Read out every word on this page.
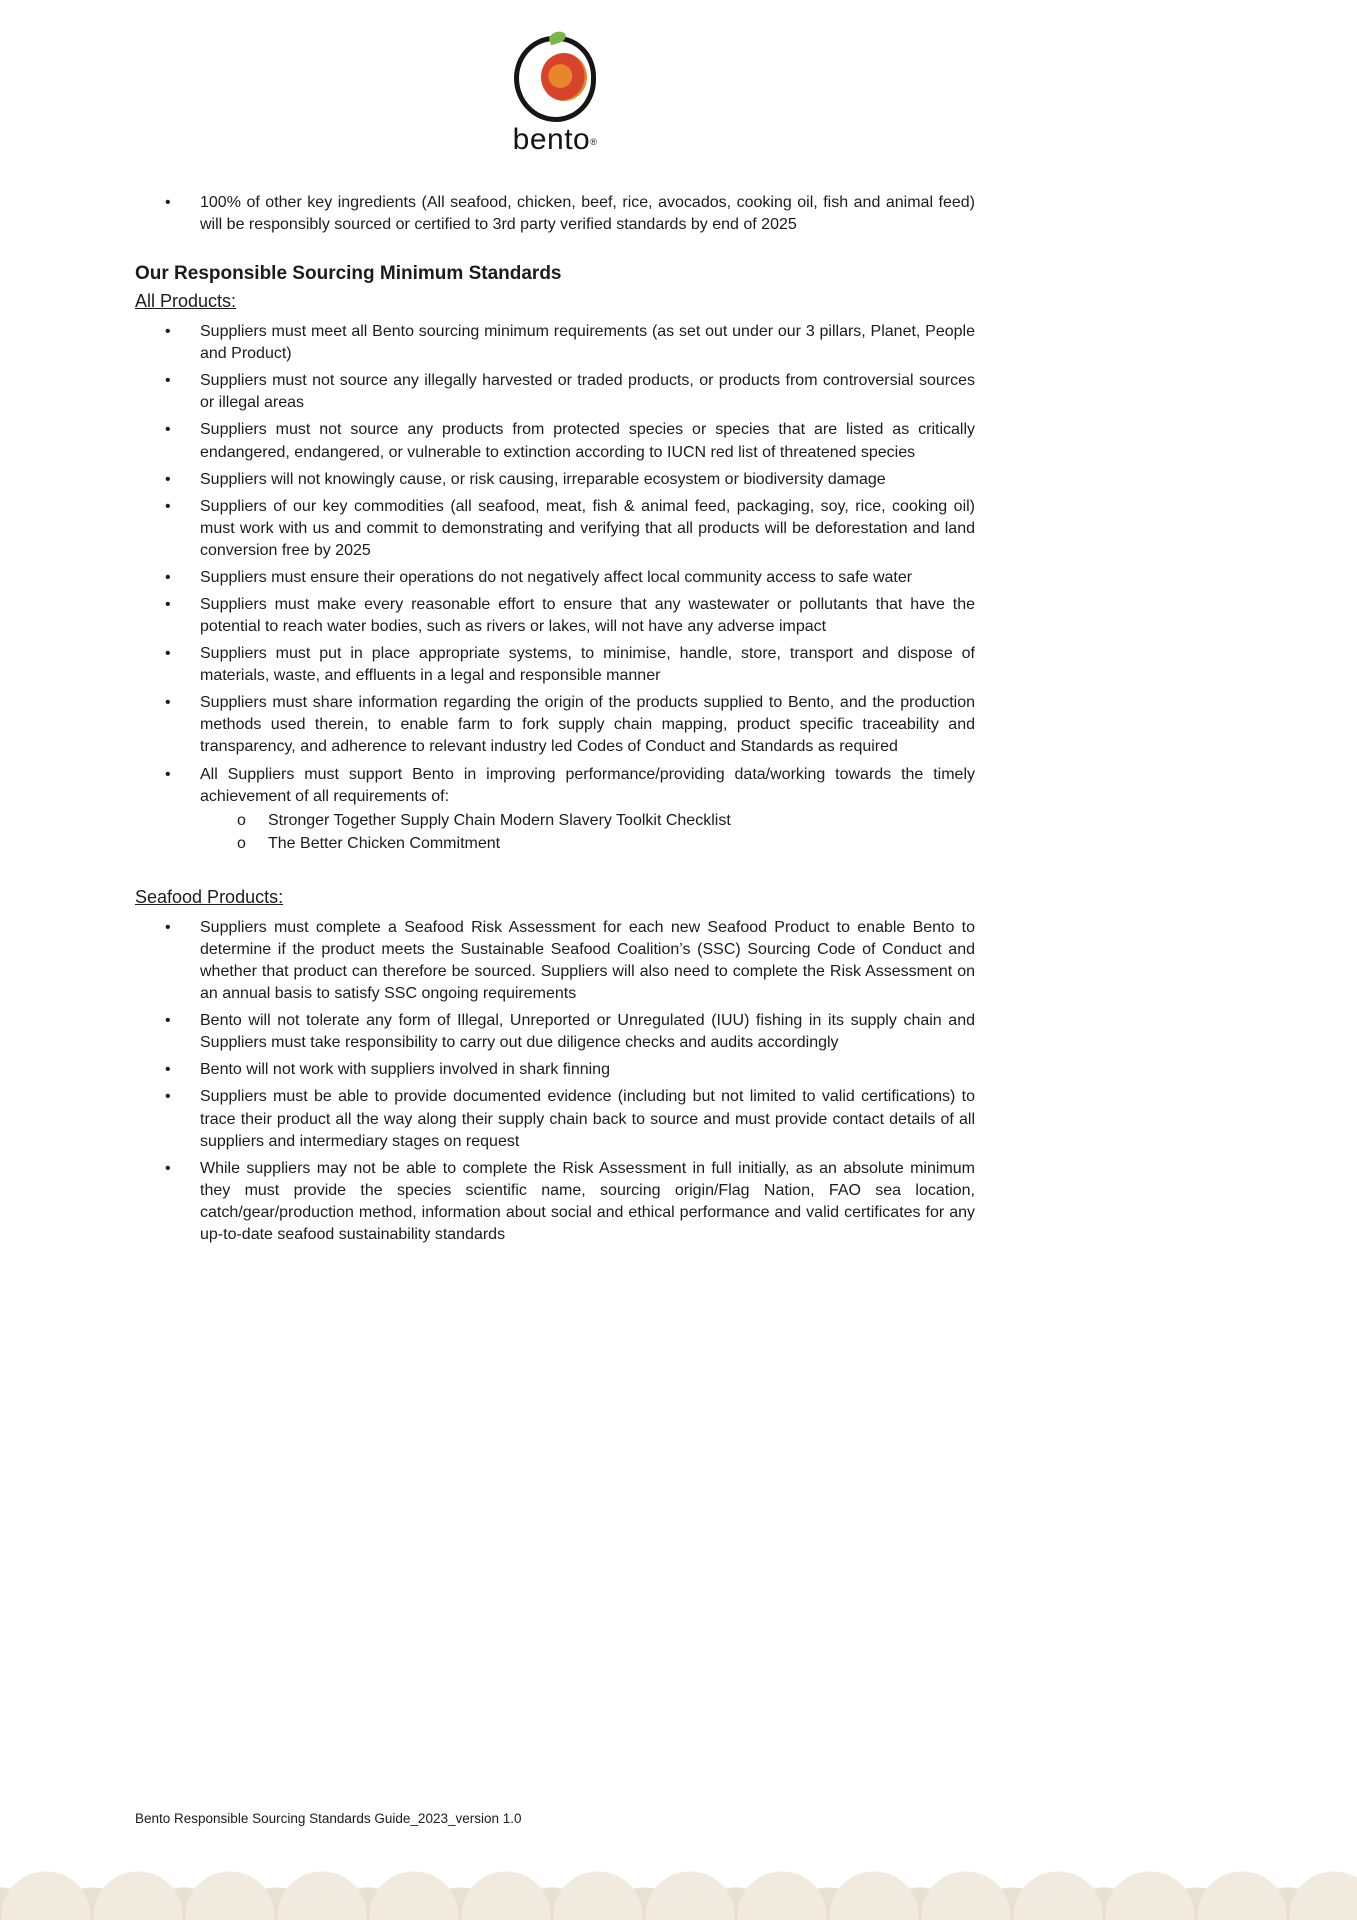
bento®
•	100% of other key ingredients (All seafood, chicken, beef, rice, avocados, cooking oil, fish and animal feed) will be responsibly sourced or certified to 3rd party verified standards by end of 2025
Our Responsible Sourcing Minimum Standards
All Products:
•	Suppliers must meet all Bento sourcing minimum requirements (as set out under our 3 pillars, Planet, People and Product)
•	Suppliers must not source any illegally harvested or traded products, or products from controversial sources or illegal areas
•	Suppliers must not source any products from protected species or species that are listed as critically endangered, endangered, or vulnerable to extinction according to IUCN red list of threatened species
•	Suppliers will not knowingly cause, or risk causing, irreparable ecosystem or biodiversity damage
•	Suppliers of our key commodities (all seafood, meat, fish & animal feed, packaging, soy, rice, cooking oil) must work with us and commit to demonstrating and verifying that all products will be deforestation and land conversion free by 2025
•	Suppliers must ensure their operations do not negatively affect local community access to safe water
•	Suppliers must make every reasonable effort to ensure that any wastewater or pollutants that have the potential to reach water bodies, such as rivers or lakes, will not have any adverse impact
•	Suppliers must put in place appropriate systems, to minimise, handle, store, transport and dispose of materials, waste, and effluents in a legal and responsible manner
•	Suppliers must share information regarding the origin of the products supplied to Bento, and the production methods used therein, to enable farm to fork supply chain mapping, product specific traceability and transparency, and adherence to relevant industry led Codes of Conduct and Standards as required
•	All Suppliers must support Bento in improving performance/providing data/working towards the timely achievement of all requirements of:
o	Stronger Together Supply Chain Modern Slavery Toolkit Checklist
o	The Better Chicken Commitment
Seafood Products:
•	Suppliers must complete a Seafood Risk Assessment for each new Seafood Product to enable Bento to determine if the product meets the Sustainable Seafood Coalition’s (SSC) Sourcing Code of Conduct and whether that product can therefore be sourced. Suppliers will also need to complete the Risk Assessment on an annual basis to satisfy SSC ongoing requirements
•	Bento will not tolerate any form of Illegal, Unreported or Unregulated (IUU) fishing in its supply chain and Suppliers must take responsibility to carry out due diligence checks and audits accordingly
•	Bento will not work with suppliers involved in shark finning
•	Suppliers must be able to provide documented evidence (including but not limited to valid certifications) to trace their product all the way along their supply chain back to source and must provide contact details of all suppliers and intermediary stages on request
•	While suppliers may not be able to complete the Risk Assessment in full initially, as an absolute minimum they must provide the species scientific name, sourcing origin/Flag Nation, FAO sea location, catch/gear/production method, information about social and ethical performance and valid certificates for any up-to-date seafood sustainability standards
Bento Responsible Sourcing Standards Guide_2023_version 1.0
